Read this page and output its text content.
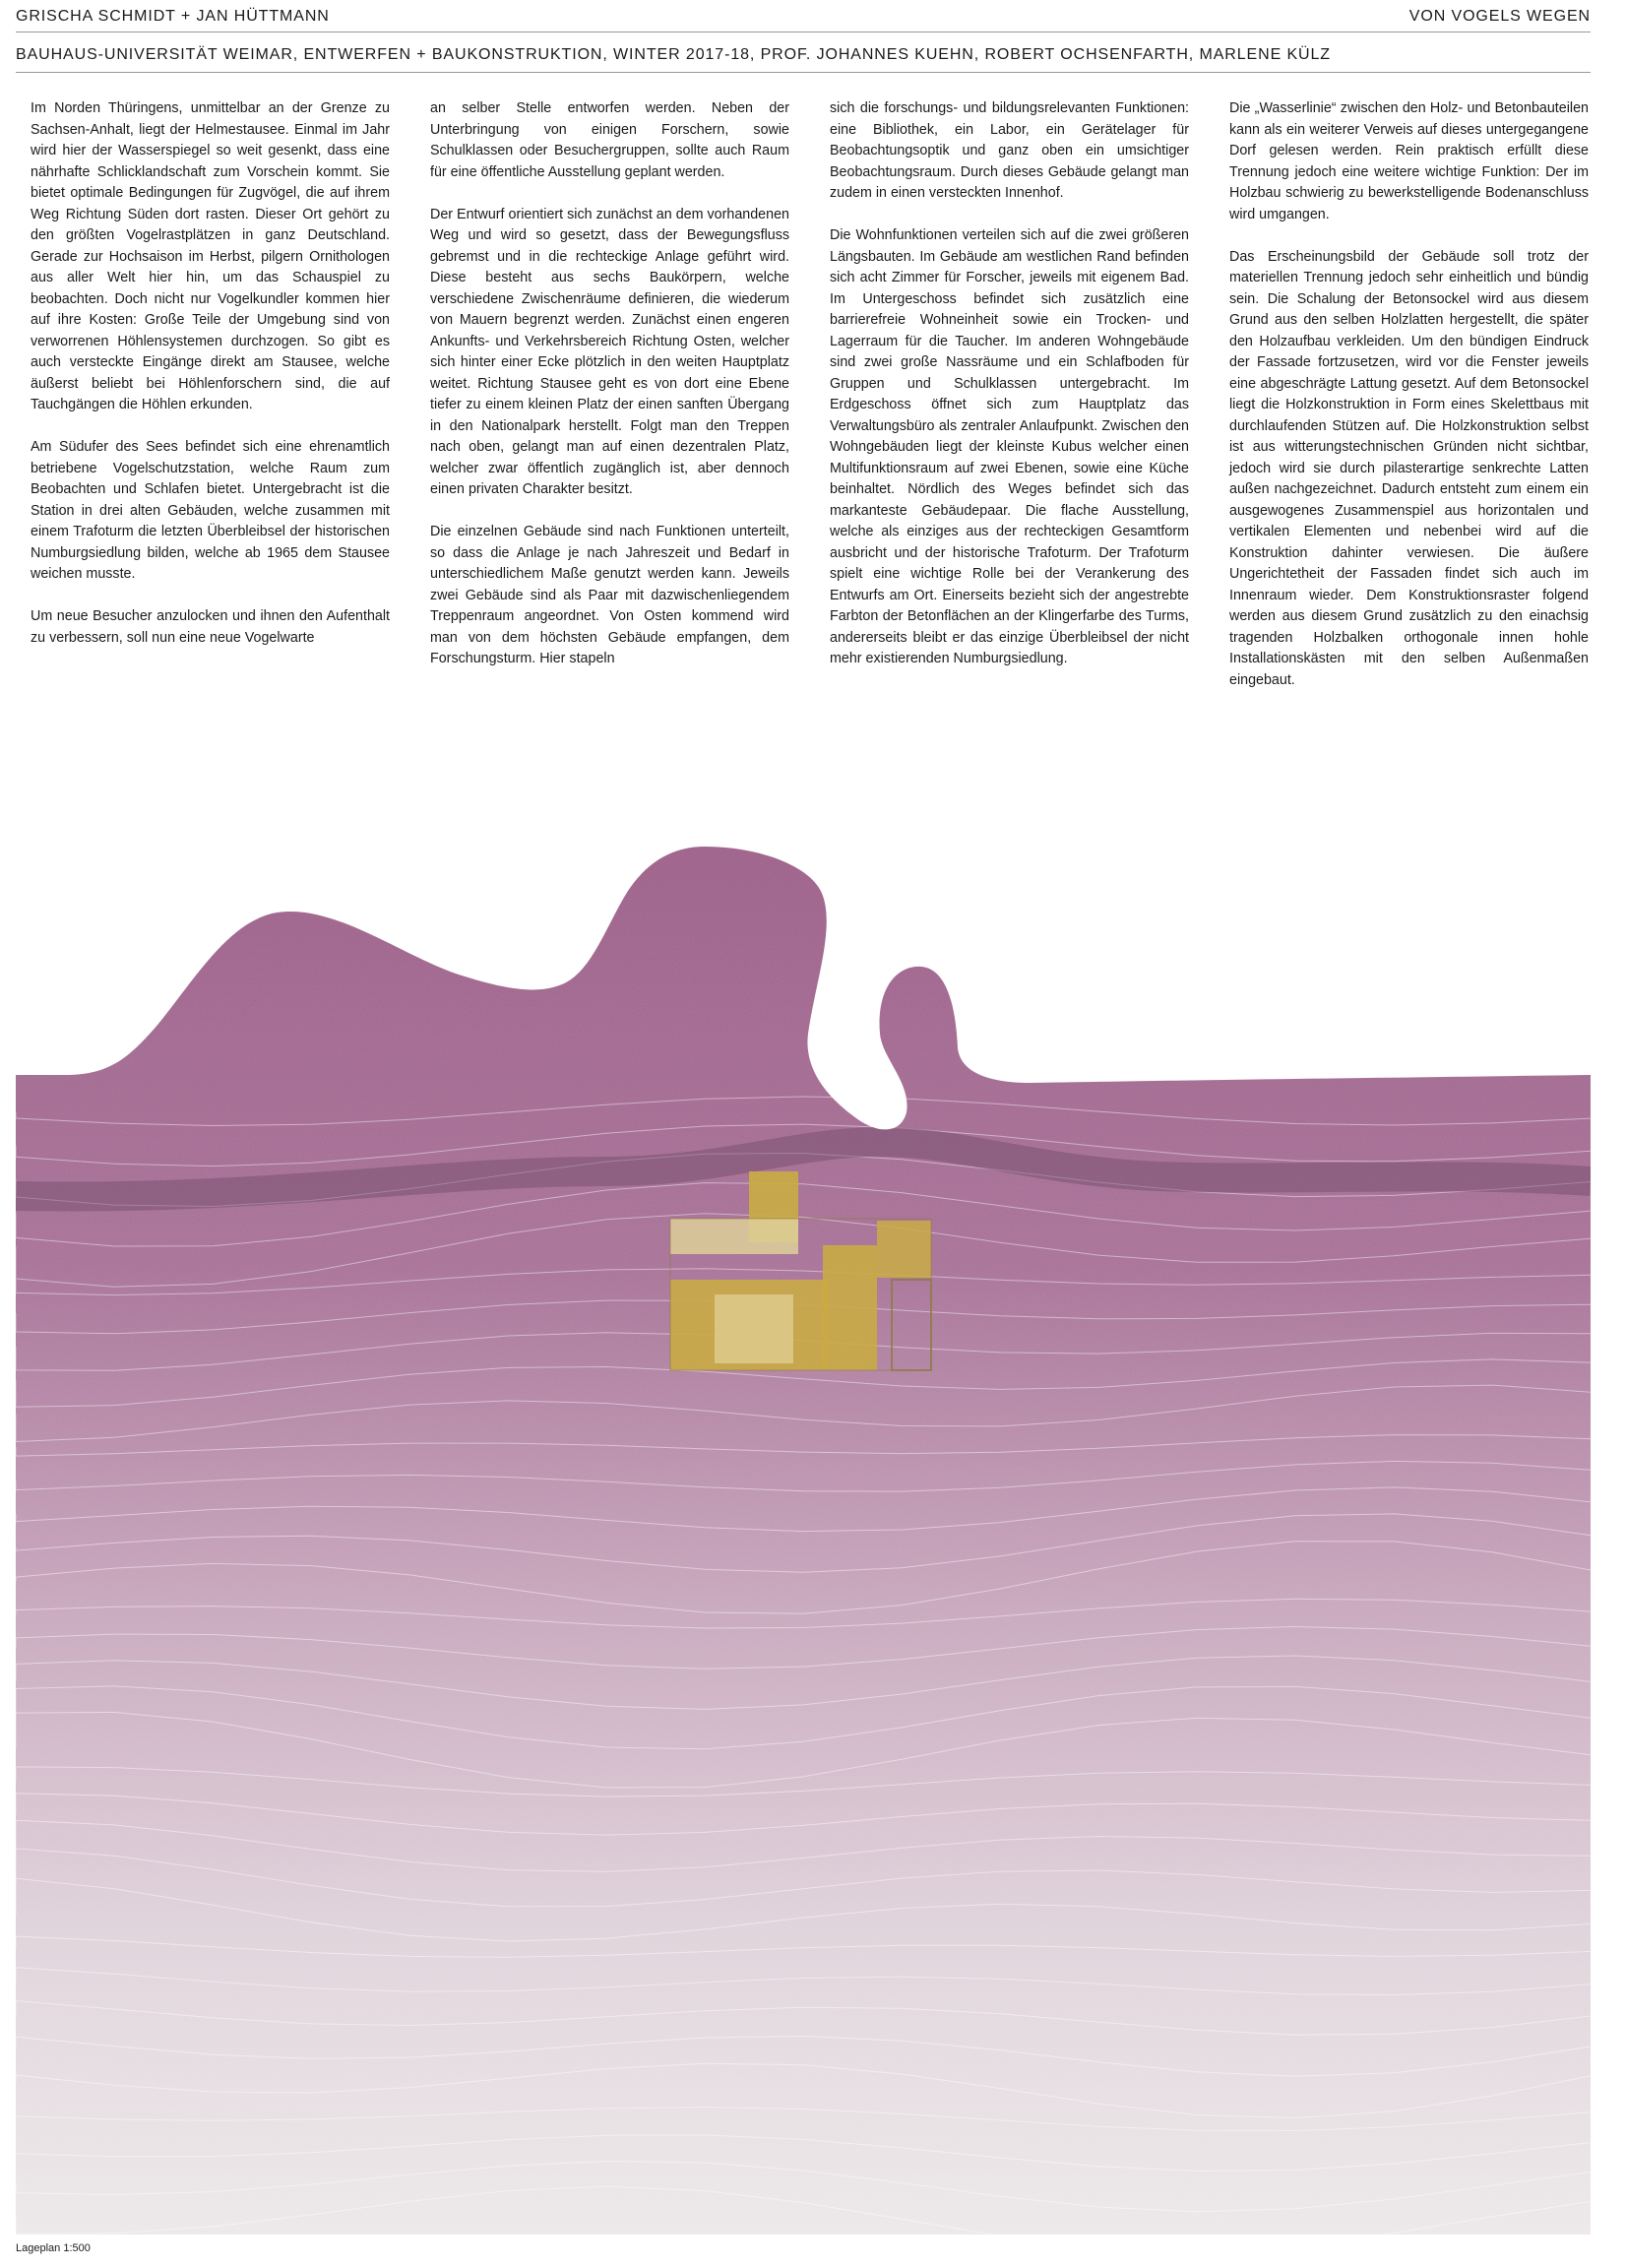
GRISCHA SCHMIDT + JAN HÜTTMANN	VON VOGELS WEGEN
BAUHAUS-UNIVERSITÄT WEIMAR, ENTWERFEN + BAUKONSTRUKTION, WINTER 2017-18, PROF. JOHANNES KUEHN, ROBERT OCHSENFARTH, MARLENE KÜLZ

Im Norden Thüringens, unmittelbar an der Grenze zu Sachsen-Anhalt, liegt der Helmestausee. Einmal im Jahr wird hier der Wasserspiegel so weit gesenkt, dass eine nährhafte Schlicklandschaft zum Vorschein kommt. Sie bietet optimale Bedingungen für Zugvögel, die auf ihrem Weg Richtung Süden dort rasten. Dieser Ort gehört zu den größten Vogelrastplätzen in ganz Deutschland. Gerade zur Hochsaison im Herbst, pilgern Ornithologen aus aller Welt hier hin, um das Schauspiel zu beobachten. Doch nicht nur Vogelkundler kommen hier auf ihre Kosten: Große Teile der Umgebung sind von verworrenen Höhlensystemen durchzogen. So gibt es auch versteckte Eingänge direkt am Stausee, welche äußerst beliebt bei Höhlenforschern sind, die auf Tauchgängen die Höhlen erkunden.

Am Südufer des Sees befindet sich eine ehrenamtlich betriebene Vogelschutzstation, welche Raum zum Beobachten und Schlafen bietet. Untergebracht ist die Station in drei alten Gebäuden, welche zusammen mit einem Trafoturm die letzten Überbleibsel der historischen Numburgsiedlung bilden, welche ab 1965 dem Stausee weichen musste.

Um neue Besucher anzulocken und ihnen den Aufenthalt zu verbessern, soll nun eine neue Vogelwarte

an selber Stelle entworfen werden. Neben der Unterbringung von einigen Forschern, sowie Schulklassen oder Besuchergruppen, sollte auch Raum für eine öffentliche Ausstellung geplant werden.

Der Entwurf orientiert sich zunächst an dem vorhandenen Weg und wird so gesetzt, dass der Bewegungsfluss gebremst und in die rechteckige Anlage geführt wird. Diese besteht aus sechs Baukörpern, welche verschiedene Zwischenräume definieren, die wiederum von Mauern begrenzt werden. Zunächst einen engeren Ankunfts- und Verkehrsbereich Richtung Osten, welcher sich hinter einer Ecke plötzlich in den weiten Hauptplatz weitet. Richtung Stausee geht es von dort eine Ebene tiefer zu einem kleinen Platz der einen sanften Übergang in den Nationalpark herstellt. Folgt man den Treppen nach oben, gelangt man auf einen dezentralen Platz, welcher zwar öffentlich zugänglich ist, aber dennoch einen privaten Charakter besitzt.

Die einzelnen Gebäude sind nach Funktionen unterteilt, so dass die Anlage je nach Jahreszeit und Bedarf in unterschiedlichem Maße genutzt werden kann. Jeweils zwei Gebäude sind als Paar mit dazwischenliegendem Treppenraum angeordnet. Von Osten kommend wird man von dem höchsten Gebäude empfangen, dem Forschungsturm. Hier stapeln

sich die forschungs- und bildungsrelevanten Funktionen: eine Bibliothek, ein Labor, ein Gerätelager für Beobachtungsoptik und ganz oben ein umsichtiger Beobachtungsraum. Durch dieses Gebäude gelangt man zudem in einen versteckten Innenhof.

Die Wohnfunktionen verteilen sich auf die zwei größeren Längsbauten. Im Gebäude am westlichen Rand befinden sich acht Zimmer für Forscher, jeweils mit eigenem Bad. Im Untergeschoss befindet sich zusätzlich eine barrierefreie Wohneinheit sowie ein Trocken- und Lagerraum für die Taucher. Im anderen Wohngebäude sind zwei große Nassräume und ein Schlafboden für Gruppen und Schulklassen untergebracht. Im Erdgeschoss öffnet sich zum Hauptplatz das Verwaltungsbüro als zentraler Anlaufpunkt. Zwischen den Wohngebäuden liegt der kleinste Kubus welcher einen Multifunktionsraum auf zwei Ebenen, sowie eine Küche beinhaltet. Nördlich des Weges befindet sich das markanteste Gebäudepaar. Die flache Ausstellung, welche als einziges aus der rechteckigen Gesamtform ausbricht und der historische Trafoturm. Der Trafoturm spielt eine wichtige Rolle bei der Verankerung des Entwurfs am Ort. Einerseits bezieht sich der angestrebte Farbton der Betonflächen an der Klingerfarbe des Turms, andererseits bleibt er das einzige Überbleibsel der nicht mehr existierenden Numburgsiedlung.

Die „Wasserlinie“ zwischen den Holz- und Betonbauteilen kann als ein weiterer Verweis auf dieses untergegangene Dorf gelesen werden. Rein praktisch erfüllt diese Trennung jedoch eine weitere wichtige Funktion: Der im Holzbau schwierig zu bewerkstelligende Bodenanschluss wird umgangen.

Das Erscheinungsbild der Gebäude soll trotz der materiellen Trennung jedoch sehr einheitlich und bündig sein. Die Schalung der Betonsockel wird aus diesem Grund aus den selben Holzlatten hergestellt, die später den Holzaufbau verkleiden. Um den bündigen Eindruck der Fassade fortzusetzen, wird vor die Fenster jeweils eine abgeschrägte Lattung gesetzt. Auf dem Betonsockel liegt die Holzkonstruktion in Form eines Skelettbaus mit durchlaufenden Stützen auf. Die Holzkonstruktion selbst ist aus witterungstechnischen Gründen nicht sichtbar, jedoch wird sie durch pilasterartige senkrechte Latten außen nachgezeichnet. Dadurch entsteht zum einem ein ausgewogenes Zusammenspiel aus horizontalen und vertikalen Elementen und nebenbei wird auf die Konstruktion dahinter verwiesen. Die äußere Ungerichtetheit der Fassaden findet sich auch im Innenraum wieder. Dem Konstruktionsraster folgend werden aus diesem Grund zusätzlich zu den einachsig tragenden Holzbalken orthogonale innen hohle Installationskästen mit den selben Außenmaßen eingebaut.

Lageplan 1:500
